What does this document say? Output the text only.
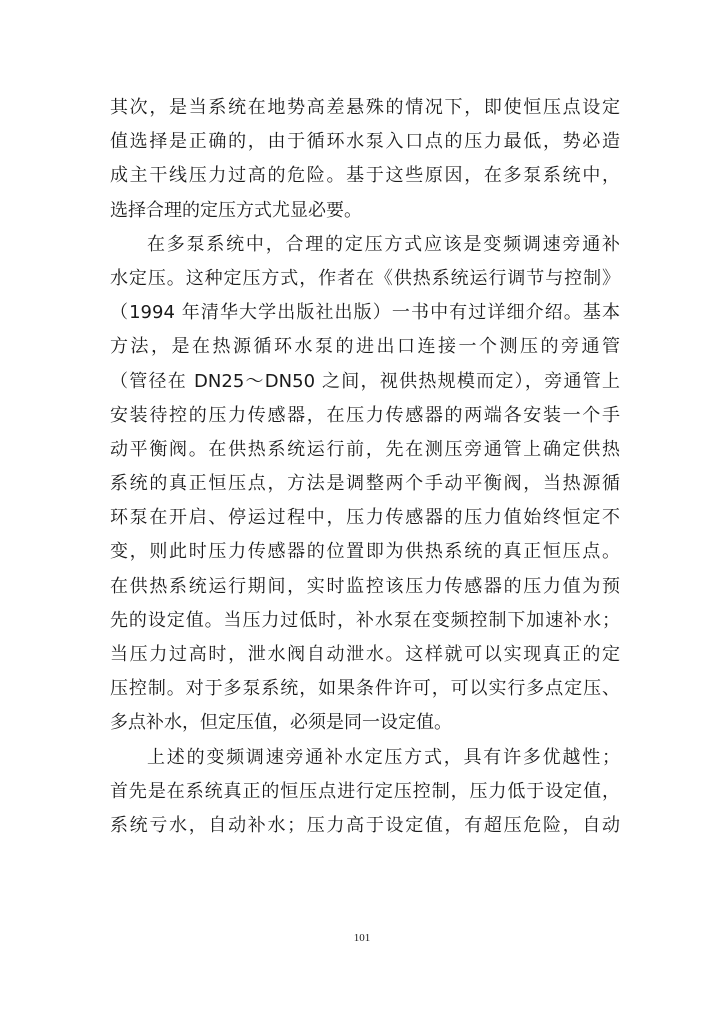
其次，是当系统在地势高差悬殊的情况下，即使恒压点设定
值选择是正确的，由于循环水泵入口点的压力最低，势必造
成主干线压力过高的危险。基于这些原因，在多泵系统中，
选择合理的定压方式尤显必要。
在多泵系统中，合理的定压方式应该是变频调速旁通补
水定压。这种定压方式，作者在《供热系统运行调节与控制》
（1994 年清华大学出版社出版）一书中有过详细介绍。基本
方法，是在热源循环水泵的进出口连接一个测压的旁通管
（管径在 DN25～DN50 之间，视供热规模而定），旁通管上
安装待控的压力传感器，在压力传感器的两端各安装一个手
动平衡阀。在供热系统运行前，先在测压旁通管上确定供热
系统的真正恒压点，方法是调整两个手动平衡阀，当热源循
环泵在开启、停运过程中，压力传感器的压力值始终恒定不
变，则此时压力传感器的位置即为供热系统的真正恒压点。
在供热系统运行期间，实时监控该压力传感器的压力值为预
先的设定值。当压力过低时，补水泵在变频控制下加速补水；
当压力过高时，泄水阀自动泄水。这样就可以实现真正的定
压控制。对于多泵系统，如果条件许可，可以实行多点定压、
多点补水，但定压值，必须是同一设定值。
上述的变频调速旁通补水定压方式，具有许多优越性；
首先是在系统真正的恒压点进行定压控制，压力低于设定值，
系统亏水，自动补水；压力高于设定值，有超压危险，自动
101
